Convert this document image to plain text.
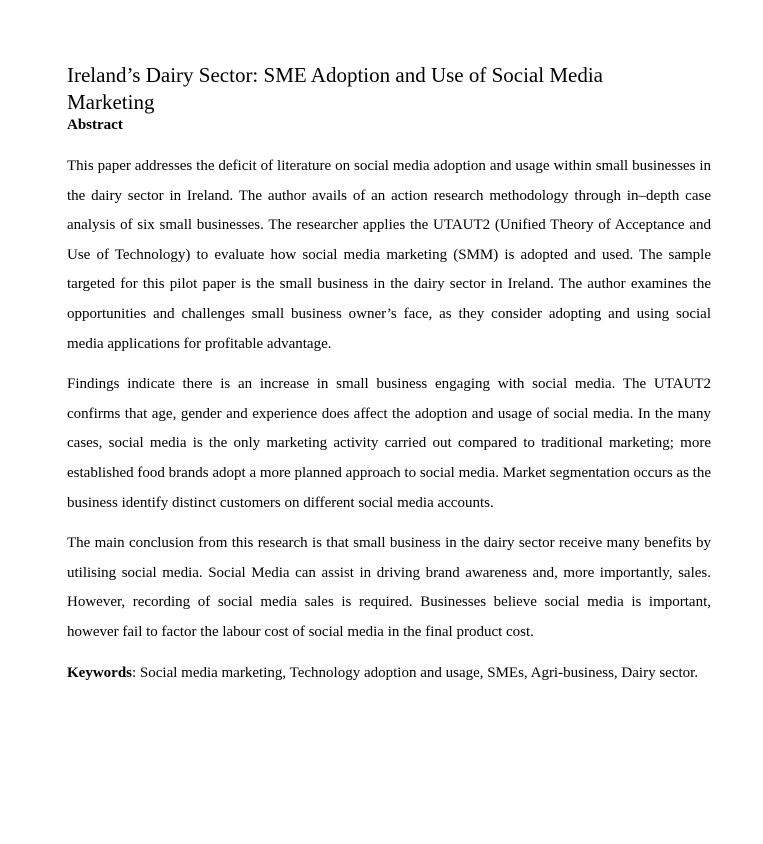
Ireland’s Dairy Sector: SME Adoption and Use of Social Media Marketing
Abstract

This paper addresses the deficit of literature on social media adoption and usage within small businesses in the dairy sector in Ireland. The author avails of an action research methodology through in–depth case analysis of six small businesses. The researcher applies the UTAUT2 (Unified Theory of Acceptance and Use of Technology) to evaluate how social media marketing (SMM) is adopted and used. The sample targeted for this pilot paper is the small business in the dairy sector in Ireland. The author examines the opportunities and challenges small business owner’s face, as they consider adopting and using social media applications for profitable advantage.

Findings indicate there is an increase in small business engaging with social media. The UTAUT2 confirms that age, gender and experience does affect the adoption and usage of social media. In the many cases, social media is the only marketing activity carried out compared to traditional marketing; more established food brands adopt a more planned approach to social media. Market segmentation occurs as the business identify distinct customers on different social media accounts.

The main conclusion from this research is that small business in the dairy sector receive many benefits by utilising social media. Social Media can assist in driving brand awareness and, more importantly, sales. However, recording of social media sales is required. Businesses believe social media is important, however fail to factor the labour cost of social media in the final product cost.

Keywords: Social media marketing, Technology adoption and usage, SMEs, Agri-business, Dairy sector.
